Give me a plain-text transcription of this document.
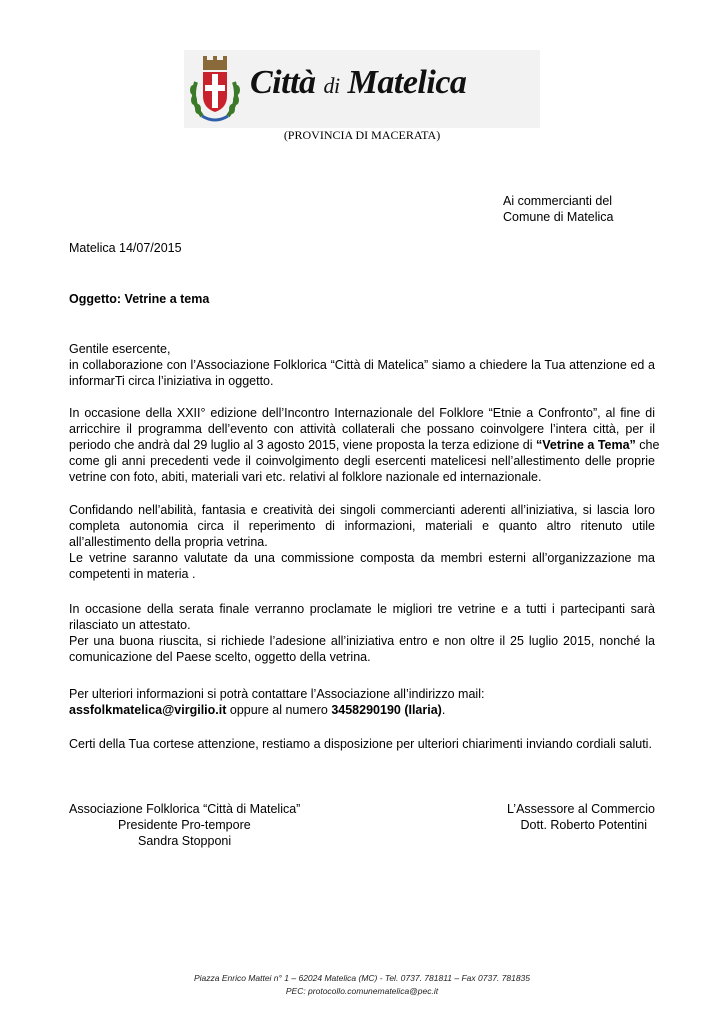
Città di Matelica
(PROVINCIA DI MACERATA)
Ai commercianti del
Comune di Matelica
Matelica 14/07/2015
Oggetto: Vetrine a tema
Gentile esercente,
in collaborazione con l’Associazione Folklorica “Città di Matelica” siamo a chiedere la Tua attenzione ed a
informarTi circa l’iniziativa in oggetto.
In occasione della XXII° edizione dell’Incontro Internazionale del Folklore “Etnie a Confronto”, al fine di
arricchire il programma dell’evento con attività collaterali che possano coinvolgere l’intera città, per il
periodo che andrà dal 29 luglio al 3 agosto 2015, viene proposta la terza edizione di “Vetrine a Tema” che
come gli anni precedenti vede il coinvolgimento degli esercenti matelicesi nell’allestimento delle proprie
vetrine con foto, abiti, materiali vari etc. relativi al folklore nazionale ed internazionale.
Confidando nell’abilità, fantasia e creatività dei singoli commercianti aderenti all’iniziativa, si lascia loro
completa autonomia circa il reperimento di informazioni, materiali e quanto altro ritenuto utile
all’allestimento della propria vetrina.
Le vetrine saranno valutate da una commissione composta da membri esterni all’organizzazione ma
competenti in materia .
In occasione della serata finale verranno proclamate le migliori tre vetrine e a tutti i partecipanti sarà
rilasciato un attestato.
Per una buona riuscita, si richiede l’adesione all’iniziativa entro e non oltre il 25 luglio 2015, nonché la
comunicazione del Paese scelto, oggetto della vetrina.
Per ulteriori informazioni si potrà contattare l’Associazione all’indirizzo mail:
assfolkmatelica@virgilio.it oppure al numero 3458290190 (Ilaria).
Certi della Tua cortese attenzione, restiamo a disposizione per ulteriori chiarimenti inviando cordiali saluti.
Associazione Folklorica “Città di Matelica”
Presidente Pro-tempore
Sandra Stopponi
L’Assessore al Commercio
Dott. Roberto Potentini
Piazza Enrico Mattei n° 1 – 62024 Matelica (MC) - Tel. 0737. 781811 – Fax 0737. 781835
PEC: protocollo.comunematelica@pec.it
